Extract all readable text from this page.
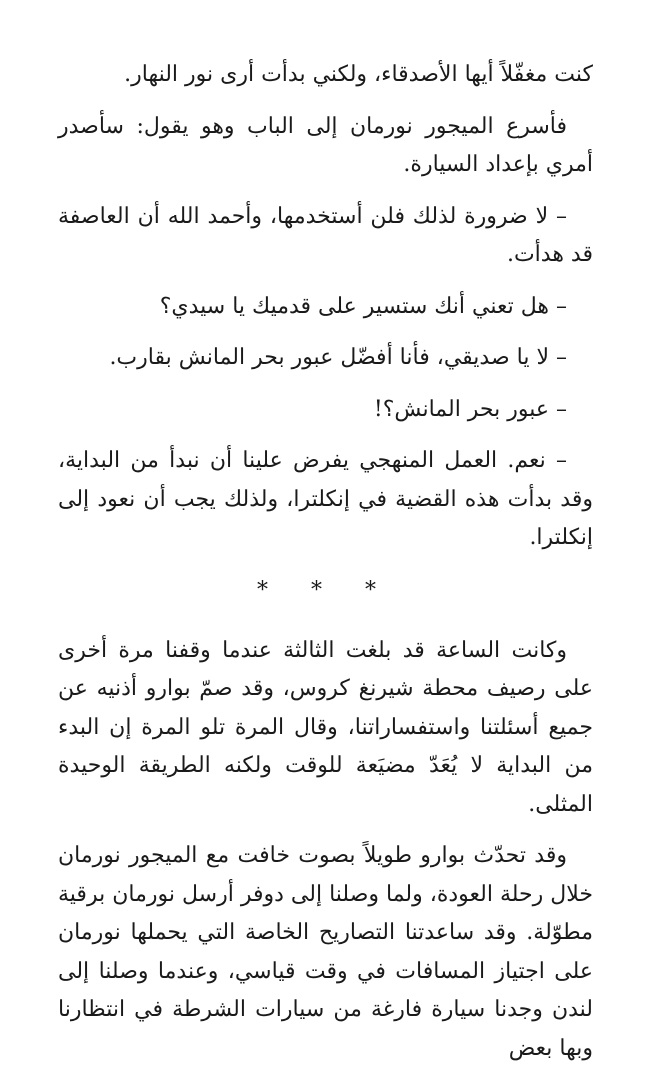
كنت مغفّلاً أيها الأصدقاء، ولكني بدأت أرى نور النهار.

فأسرع الميجور نورمان إلى الباب وهو يقول: سأصدر أمري بإعداد السيارة.

– لا ضرورة لذلك فلن أستخدمها، وأحمد الله أن العاصفة قد هدأت.

– هل تعني أنك ستسير على قدميك يا سيدي؟

– لا يا صديقي، فأنا أفضّل عبور بحر المانش بقارب.

– عبور بحر المانش؟!

– نعم. العمل المنهجي يفرض علينا أن نبدأ من البداية، وقد بدأت هذه القضية في إنكلترا، ولذلك يجب أن نعود إلى إنكلترا.

* * *

وكانت الساعة قد بلغت الثالثة عندما وقفنا مرة أخرى على رصيف محطة شيرنغ كروس، وقد صمّ بوارو أذنيه عن جميع أسئلتنا واستفساراتنا، وقال المرة تلو المرة إن البدء من البداية لا يُعَدّ مضيَعة للوقت ولكنه الطريقة الوحيدة المثلى.

وقد تحدّث بوارو طويلاً بصوت خافت مع الميجور نورمان خلال رحلة العودة، ولما وصلنا إلى دوفر أرسل نورمان برقية مطوّلة. وقد ساعدتنا التصاريح الخاصة التي يحملها نورمان على اجتياز المسافات في وقت قياسي، وعندما وصلنا إلى لندن وجدنا سيارة فارغة من سيارات الشرطة في انتظارنا وبها بعض
